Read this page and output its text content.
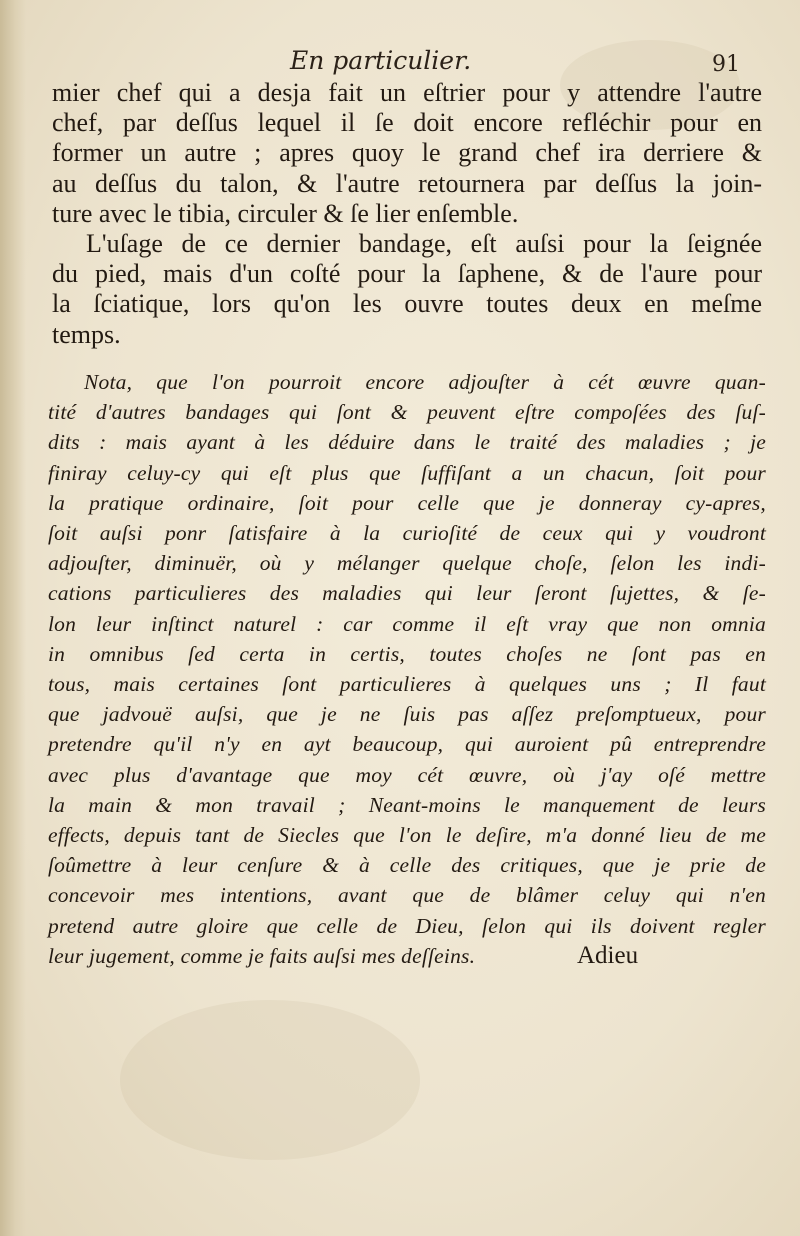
En particulier.	91
mier chef qui a desja fait un eſtrier pour y attendre l'autre
chef, par deſſus lequel il ſe doit encore refléchir pour en
former un autre ; apres quoy le grand chef ira derriere &
au deſſus du talon, & l'autre retournera par deſſus la join-
ture avec le tibia, circuler & ſe lier enſemble.
L'uſage de ce dernier bandage, eſt auſsi pour la ſeignée
du pied, mais d'un coſté pour la ſaphene, & de l'aure pour
la ſciatique, lors qu'on les ouvre toutes deux en meſme
temps.
Nota, que l'on pourroit encore adjouſter à cét œuvre quan-
tité d'autres bandages qui ſont & peuvent eſtre compoſées des ſuſ-
dits : mais ayant à les déduire dans le traité des maladies ; je
finiray celuy-cy qui eſt plus que ſuffiſant a un chacun, ſoit pour
la pratique ordinaire, ſoit pour celle que je donneray cy-apres,
ſoit auſsi ponr ſatisfaire à la curioſité de ceux qui y voudront
adjouſter, diminuër, où y mélanger quelque choſe, ſelon les indi-
cations particulieres des maladies qui leur ſeront ſujettes, & ſe-
lon leur inſtinct naturel : car comme il eſt vray que non omnia
in omnibus ſed certa in certis, toutes choſes ne ſont pas en
tous, mais certaines ſont particulieres à quelques uns ; Il faut
que jadvouë auſsi, que je ne ſuis pas aſſez preſomptueux, pour
pretendre qu'il n'y en ayt beaucoup, qui auroient pû entreprendre
avec plus d'avantage que moy cét œuvre, où j'ay oſé mettre
la main & mon travail ; Neant-moins le manquement de leurs
effects, depuis tant de Siecles que l'on le deſire, m'a donné lieu de me
ſoûmettre à leur cenſure & à celle des critiques, que je prie de
concevoir mes intentions, avant que de blâmer celuy qui n'en
pretend autre gloire que celle de Dieu, ſelon qui ils doivent regler
leur jugement, comme je faits auſsi mes deſſeins.	Adieu
